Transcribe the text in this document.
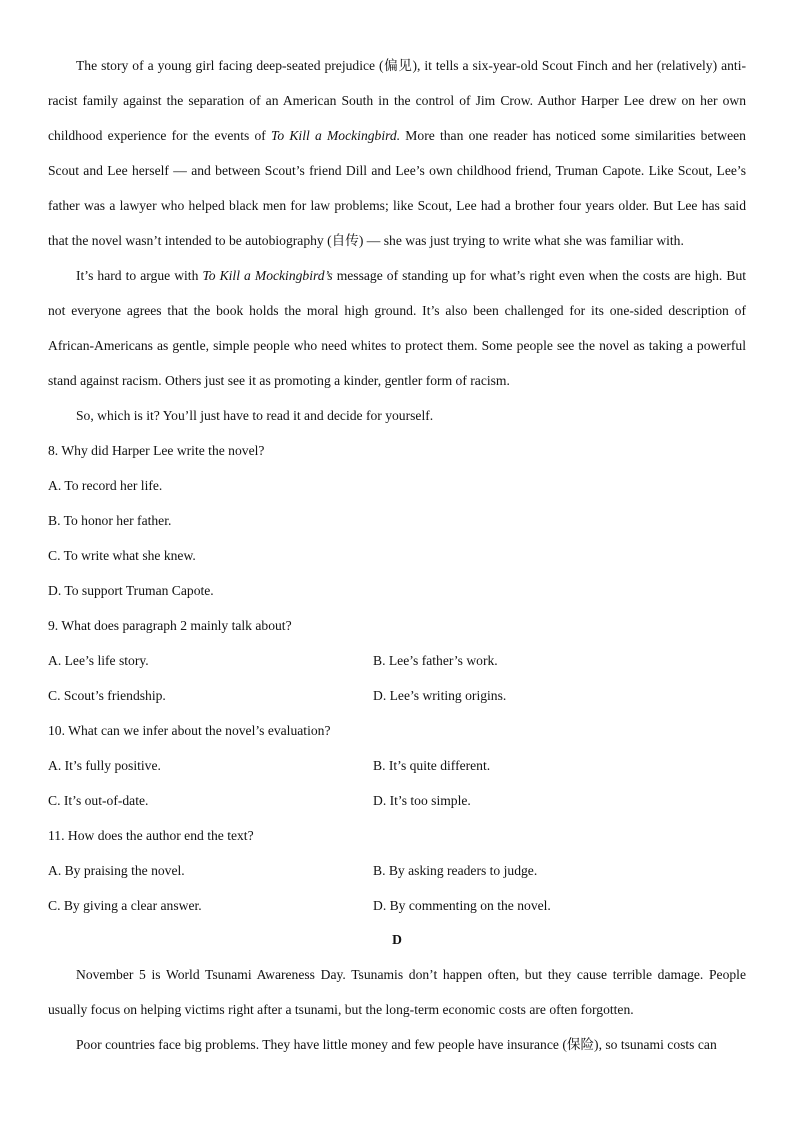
The story of a young girl facing deep-seated prejudice (偏见), it tells a six-year-old Scout Finch and her (relatively) anti-racist family against the separation of an American South in the control of Jim Crow. Author Harper Lee drew on her own childhood experience for the events of To Kill a Mockingbird. More than one reader has noticed some similarities between Scout and Lee herself — and between Scout’s friend Dill and Lee’s own childhood friend, Truman Capote. Like Scout, Lee’s father was a lawyer who helped black men for law problems; like Scout, Lee had a brother four years older. But Lee has said that the novel wasn’t intended to be autobiography (自传) — she was just trying to write what she was familiar with.
It’s hard to argue with To Kill a Mockingbird’s message of standing up for what’s right even when the costs are high. But not everyone agrees that the book holds the moral high ground. It’s also been challenged for its one-sided description of African-Americans as gentle, simple people who need whites to protect them. Some people see the novel as taking a powerful stand against racism. Others just see it as promoting a kinder, gentler form of racism.
So, which is it? You’ll just have to read it and decide for yourself.
8. Why did Harper Lee write the novel?
A. To record her life.
B. To honor her father.
C. To write what she knew.
D. To support Truman Capote.
9. What does paragraph 2 mainly talk about?
A. Lee’s life story.	B. Lee’s father’s work.
C. Scout’s friendship.	D. Lee’s writing origins.
10. What can we infer about the novel’s evaluation?
A. It’s fully positive.	B. It’s quite different.
C. It’s out-of-date.	D. It’s too simple.
11. How does the author end the text?
A. By praising the novel.	B. By asking readers to judge.
C. By giving a clear answer.	D. By commenting on the novel.
D
November 5 is World Tsunami Awareness Day. Tsunamis don’t happen often, but they cause terrible damage. People usually focus on helping victims right after a tsunami, but the long-term economic costs are often forgotten.
Poor countries face big problems. They have little money and few people have insurance (保险), so tsunami costs can
